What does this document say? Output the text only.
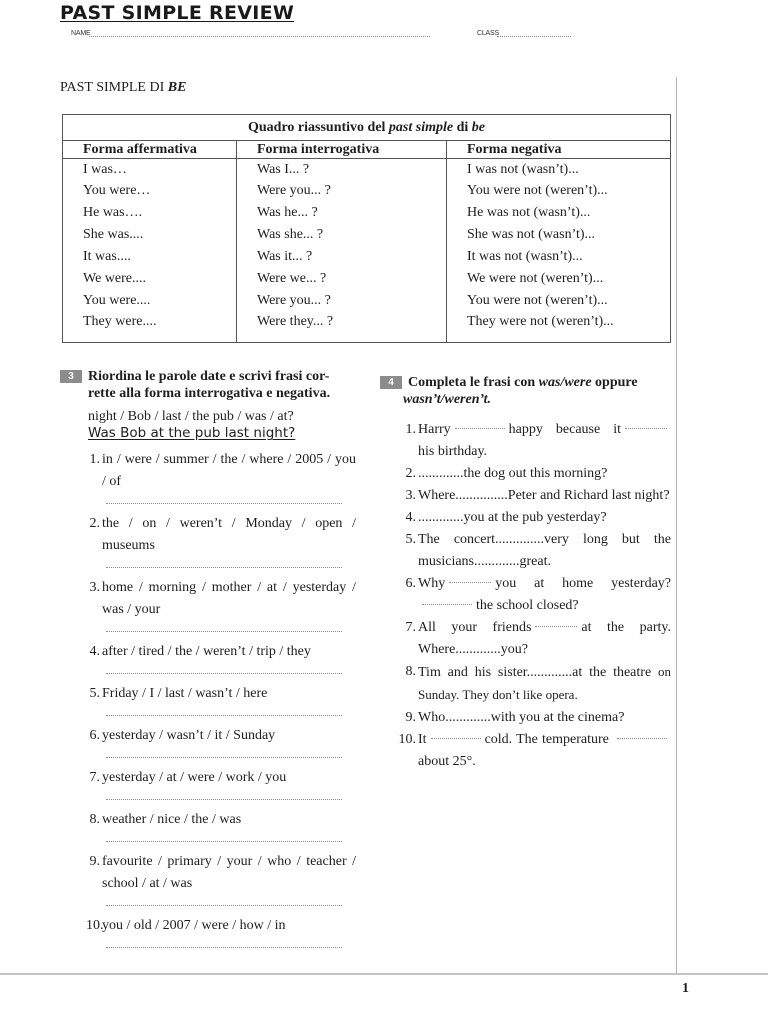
PAST SIMPLE REVIEW
NAME	CLASS
PAST SIMPLE DI BE
Quadro riassuntivo del past simple di be		
Forma affermativa	Forma interrogativa	Forma negativa
I was…	Was I... ?	I was not (wasn’t)...
You were…	Were you... ?	You were not (weren’t)...
He was….	Was he... ?	He was not (wasn’t)...
She was....	Was she... ?	She was not (wasn’t)...
It was....	Was it... ?	It was not (wasn’t)...
We were....	Were we... ?	We were not (weren’t)...
You were....	Were you... ?	You were not (weren’t)...
They were....	Were they... ?	They were not (weren’t)...
3 Riordina le parole date e scrivi frasi cor-
rette alla forma interrogativa e negativa.
night / Bob / last / the pub / was / at?
Was Bob at the pub last night?
1. in / were / summer / the / where / 2005 / you / of
2. the / on / weren’t / Monday / open / museums
3. home / morning / mother / at / yesterday / was / your
4. after / tired / the / weren’t / trip / they
5. Friday / I / last / wasn’t / here
6. yesterday / wasn’t / it / Sunday
7. yesterday / at / were / work / you
8. weather / nice / the / was
9. favourite / primary / your / who / teacher / school / at / was
10.
you / old / 2007 / were / how / in
4 Completa le frasi con was/were oppure
wasn’t/weren’t.
1. Harry	happy because it his birthday.
2. .............the dog out this morning?
3. Where...............Peter and Richard last night?
4. .............you at the pub yesterday?
5. The concert..............very long but the musicians.............great.
6. Why	you at home yesterday? the school closed?
7. All your friends	at the party. Where.............you?
8. Tim and his sister.............at the theatre on Sunday. They don’t like opera.
9. Who.............with you at the cinema?
10. It	cold. The temperature about 25°.
1
